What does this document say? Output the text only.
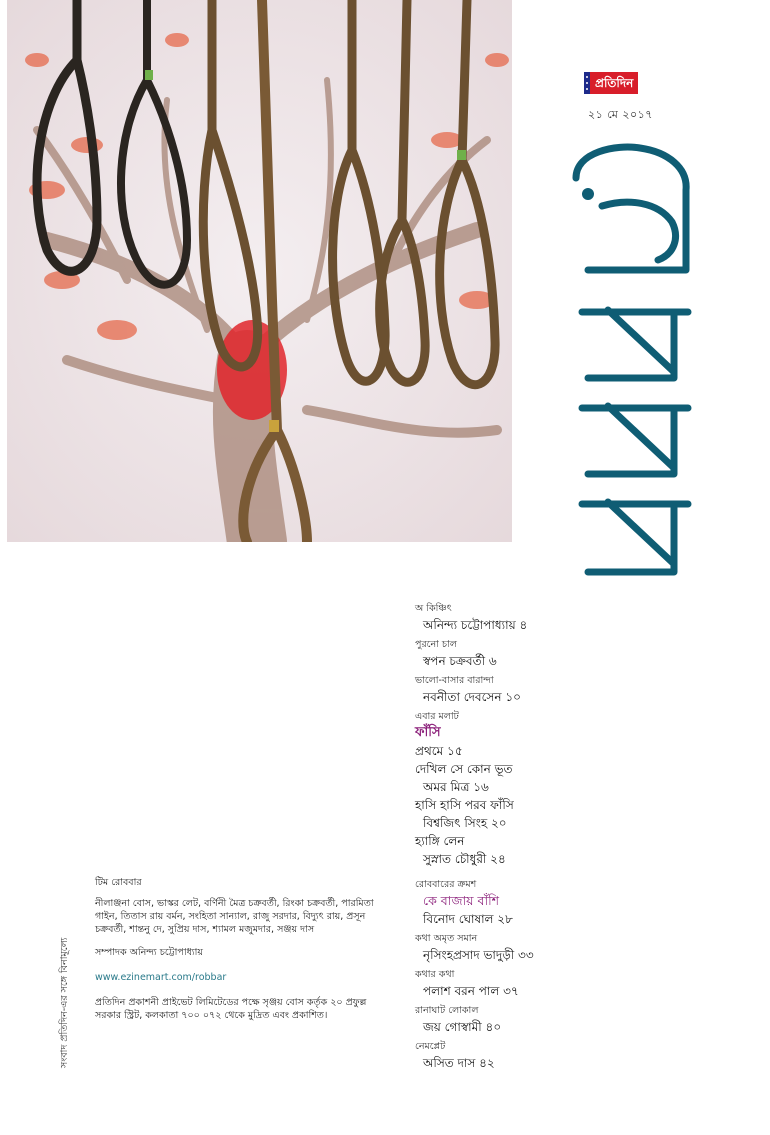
প্রতিদিন
২১ মে ২০১৭
অ কিঞ্চিৎ
অনিন্দ্য চট্টোপাধ্যায় ৪
পুরনো চাল
স্বপন চক্রবর্তী ৬
ভালো-বাসার বারান্দা
নবনীতা দেবসেন ১০
এবার মলাট
ফাঁসি
প্রথমে ১৫
দেখিল সে কোন ভূত
অমর মিত্র ১৬
হাসি হাসি পরব ফাঁসি
বিশ্বজিৎ সিংহ ২০
হ্যাঙ্গি লেন
সুস্নাত চৌধুরী ২৪
রোববারের ক্রমশ
কে বাজায় বাঁশি
বিনোদ ঘোষাল ২৮
কথা অমৃত সমান
নৃসিংহপ্রসাদ ভাদুড়ী ৩৩
কথার কথা
পলাশ বরন পাল ৩৭
রানাঘাট লোকাল
জয় গোস্বামী ৪০
নেমপ্লেট
অসিত দাস ৪২

টিম রোববার

নীলাঞ্জনা বোস, ভাস্কর লেট, বর্ণিনী মৈত্র চক্রবর্তী, রিংকা চক্রবর্তী, পারমিতা গাইন, তিতাস রায় বর্মন, সংহিতা সান্যাল, রাজু সরদার, বিদ্যুৎ রায়, প্রসূন চক্রবর্তী, শান্তনু দে, সুপ্রিয় দাস, শ্যামল মজুমদার, সঞ্জয় দাস

সম্পাদক অনিন্দ্য চট্টোপাধ্যায়

www.ezinemart.com/robbar

প্রতিদিন প্রকাশনী প্রাইভেট লিমিটেডের পক্ষে সৃঞ্জয় বোস কর্তৃক ২০ প্রফুল্ল সরকার স্ট্রিট, কলকাতা ৭০০ ০৭২ থেকে মুদ্রিত এবং প্রকাশিত।

সংবাদ প্রতিদিন-এর সঙ্গে বিনামূল্যে
